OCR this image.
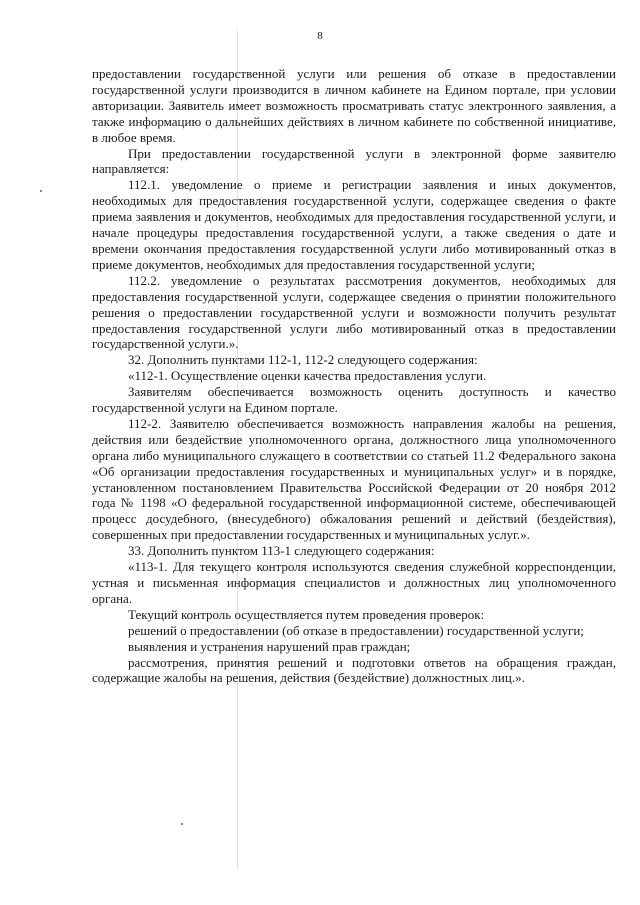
8

предоставлении государственной услуги или решения об отказе в предоставлении государственной услуги производится в личном кабинете на Едином портале, при условии авторизации. Заявитель имеет возможность просматривать статус электронного заявления, а также информацию о дальнейших действиях в личном кабинете по собственной инициативе, в любое время.

При предоставлении государственной услуги в электронной форме заявителю направляется:

112.1. уведомление о приеме и регистрации заявления и иных документов, необходимых для предоставления государственной услуги, содержащее сведения о факте приема заявления и документов, необходимых для предоставления государственной услуги, и начале процедуры предоставления государственной услуги, а также сведения о дате и времени окончания предоставления государственной услуги либо мотивированный отказ в приеме документов, необходимых для предоставления государственной услуги;

112.2. уведомление о результатах рассмотрения документов, необходимых для предоставления государственной услуги, содержащее сведения о принятии положительного решения о предоставлении государственной услуги и возможности получить результат предоставления государственной услуги либо мотивированный отказ в предоставлении государственной услуги.».

32. Дополнить пунктами 112-1, 112-2 следующего содержания:

«112-1. Осуществление оценки качества предоставления услуги.

Заявителям обеспечивается возможность оценить доступность и качество государственной услуги на Едином портале.

112-2. Заявителю обеспечивается возможность направления жалобы на решения, действия или бездействие уполномоченного органа, должностного лица уполномоченного органа либо муниципального служащего в соответствии со статьей 11.2 Федерального закона «Об организации предоставления государственных и муниципальных услуг» и в порядке, установленном постановлением Правительства Российской Федерации от 20 ноября 2012 года № 1198 «О федеральной государственной информационной системе, обеспечивающей процесс досудебного, (внесудебного) обжалования решений и действий (бездействия), совершенных при предоставлении государственных и муниципальных услуг.».

33. Дополнить пунктом 113-1 следующего содержания:

«113-1. Для текущего контроля используются сведения служебной корреспонденции, устная и письменная информация специалистов и должностных лиц уполномоченного органа.

Текущий контроль осуществляется путем проведения проверок:

решений о предоставлении (об отказе в предоставлении) государственной услуги;

выявления и устранения нарушений прав граждан;

рассмотрения, принятия решений и подготовки ответов на обращения граждан, содержащие жалобы на решения, действия (бездействие) должностных лиц.».
